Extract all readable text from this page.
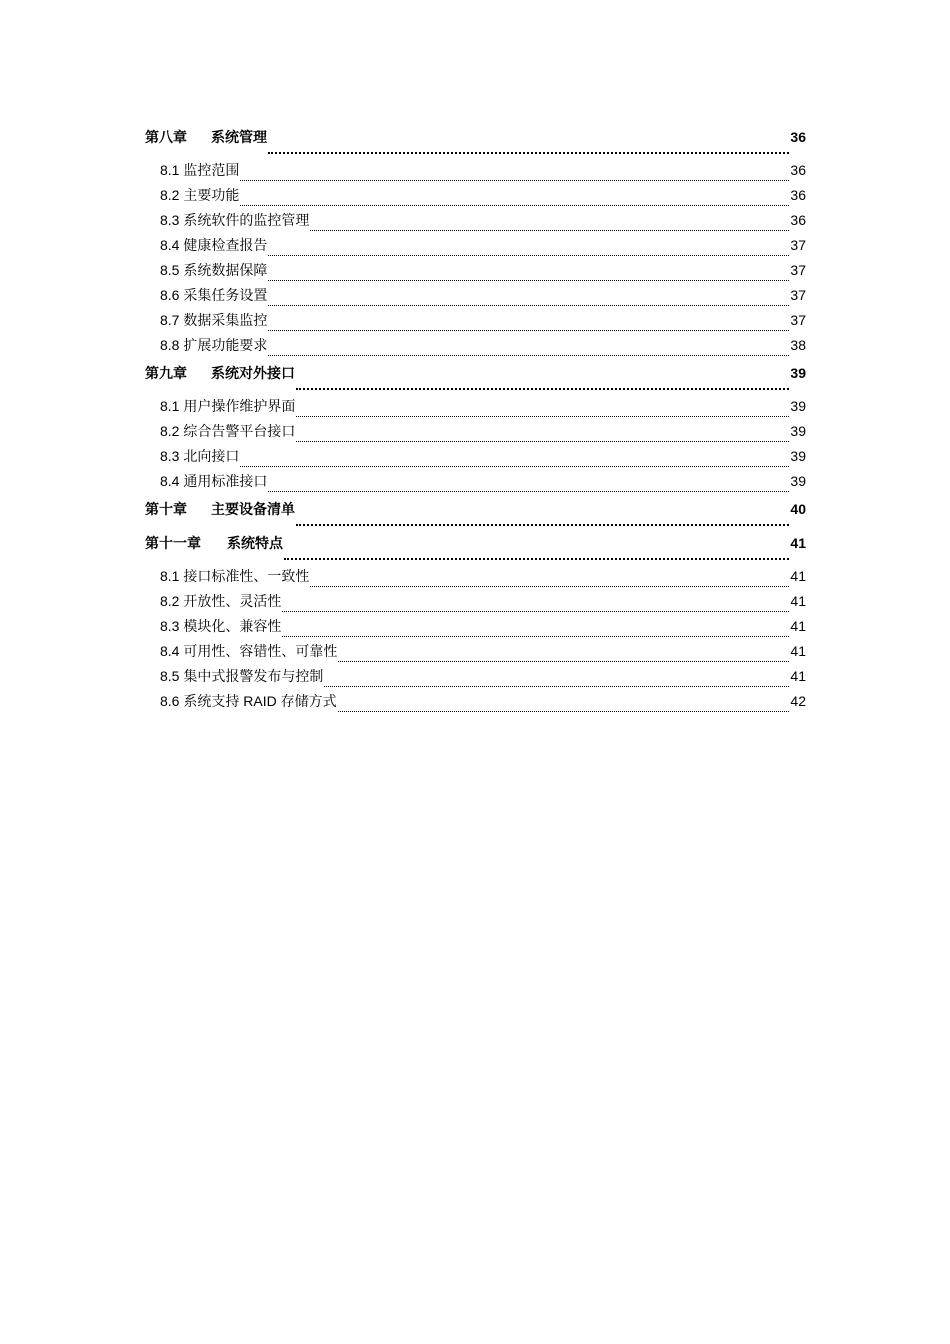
第八章 系统管理	36
8.1 监控范围	36
8.2 主要功能	36
8.3 系统软件的监控管理	36
8.4 健康检查报告	37
8.5 系统数据保障	37
8.6 采集任务设置	37
8.7 数据采集监控	37
8.8 扩展功能要求	38
第九章 系统对外接口	39
8.1 用户操作维护界面	39
8.2 综合告警平台接口	39
8.3 北向接口	39
8.4 通用标准接口	39
第十章 主要设备清单	40
第十一章 系统特点	41
8.1 接口标准性、一致性	41
8.2 开放性、灵活性	41
8.3 模块化、兼容性	41
8.4 可用性、容错性、可靠性	41
8.5 集中式报警发布与控制	41
8.6 系统支持 RAID 存储方式	42
